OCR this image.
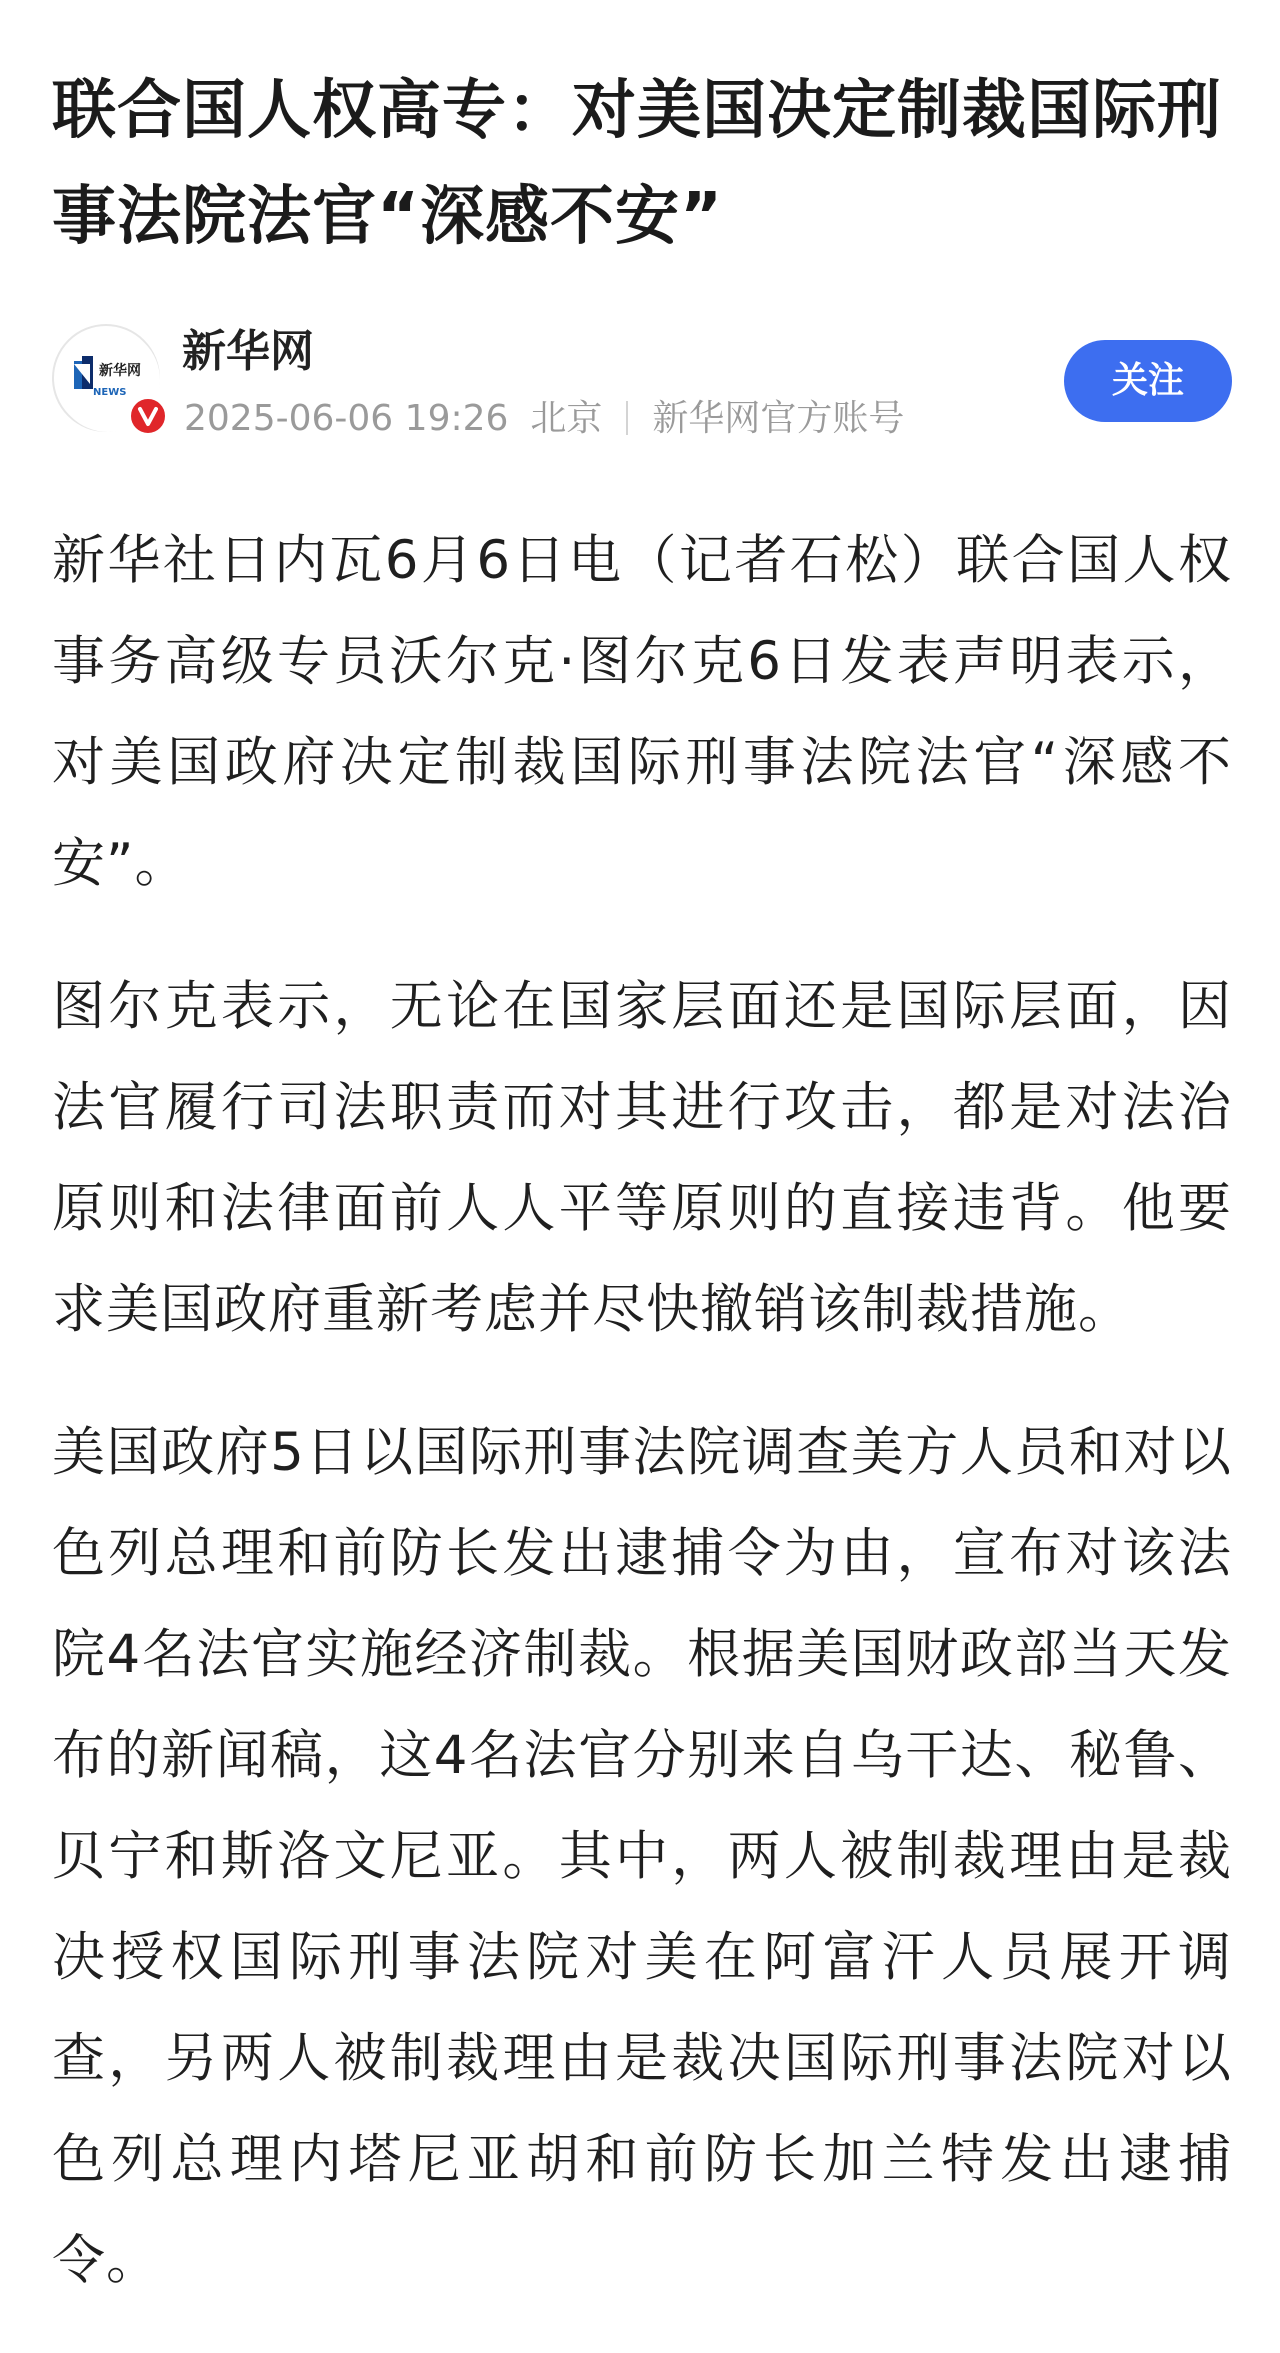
联合国人权高专：对美国决定制裁国际刑事法院法官“深感不安”
新华网
NEWS
新华网
2025-06-06 19:26 北京 新华网官方账号
关注

新华社日内瓦6月6日电（记者石松）联合国人权事务高级专员沃尔克·图尔克6日发表声明表示，对美国政府决定制裁国际刑事法院法官“深感不安”。

图尔克表示，无论在国家层面还是国际层面，因法官履行司法职责而对其进行攻击，都是对法治原则和法律面前人人平等原则的直接违背。他要求美国政府重新考虑并尽快撤销该制裁措施。

美国政府5日以国际刑事法院调查美方人员和对以色列总理和前防长发出逮捕令为由，宣布对该法院4名法官实施经济制裁。根据美国财政部当天发布的新闻稿，这4名法官分别来自乌干达、秘鲁、贝宁和斯洛文尼亚。其中，两人被制裁理由是裁决授权国际刑事法院对美在阿富汗人员展开调查，另两人被制裁理由是裁决国际刑事法院对以色列总理内塔尼亚胡和前防长加兰特发出逮捕令。
